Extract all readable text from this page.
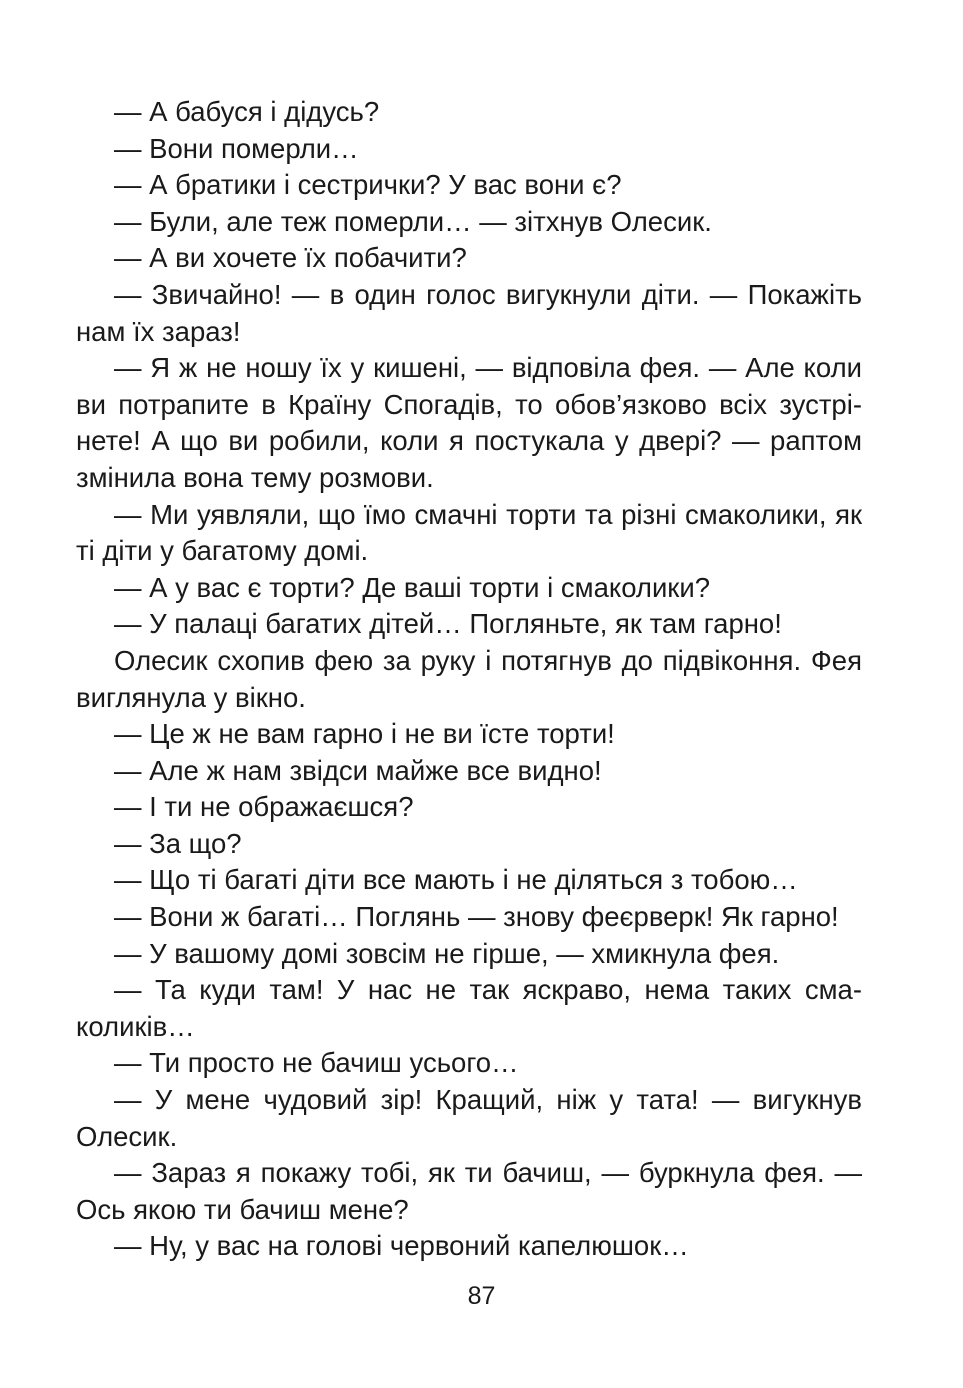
— А бабуся і дідусь?

— Вони померли…

— А братики і сестрички? У вас вони є?

— Були, але теж померли… — зітхнув Олесик.

— А ви хочете їх побачити?

— Звичайно! — в один голос вигукнули діти. — Покажіть нам їх зараз!

— Я ж не ношу їх у кишені, — відповіла фея. — Але коли ви потрапите в Країну Спогадів, то обов’язково всіх зустрінете! А що ви робили, коли я постукала у двері? — раптом змінила вона тему розмови.

— Ми уявляли, що їмо смачні торти та різні смаколики, як ті діти у багатому домі.

— А у вас є торти? Де ваші торти і смаколики?

— У палаці багатих дітей… Погляньте, як там гарно!

Олесик схопив фею за руку і потягнув до підвіконня. Фея виглянула у вікно.

— Це ж не вам гарно і не ви їсте торти!

— Але ж нам звідси майже все видно!

— І ти не ображаєшся?

— За що?

— Що ті багаті діти все мають і не діляться з тобою…

— Вони ж багаті… Поглянь — знову феєрверк! Як гарно!

— У вашому домі зовсім не гірше, — хмикнула фея.

— Та куди там! У нас не так яскраво, нема таких смаколиків…

— Ти просто не бачиш усього…

— У мене чудовий зір! Кращий, ніж у тата! — вигукнув Олесик.

— Зараз я покажу тобі, як ти бачиш, — буркнула фея. — Ось якою ти бачиш мене?

— Ну, у вас на голові червоний капелюшок…

87
